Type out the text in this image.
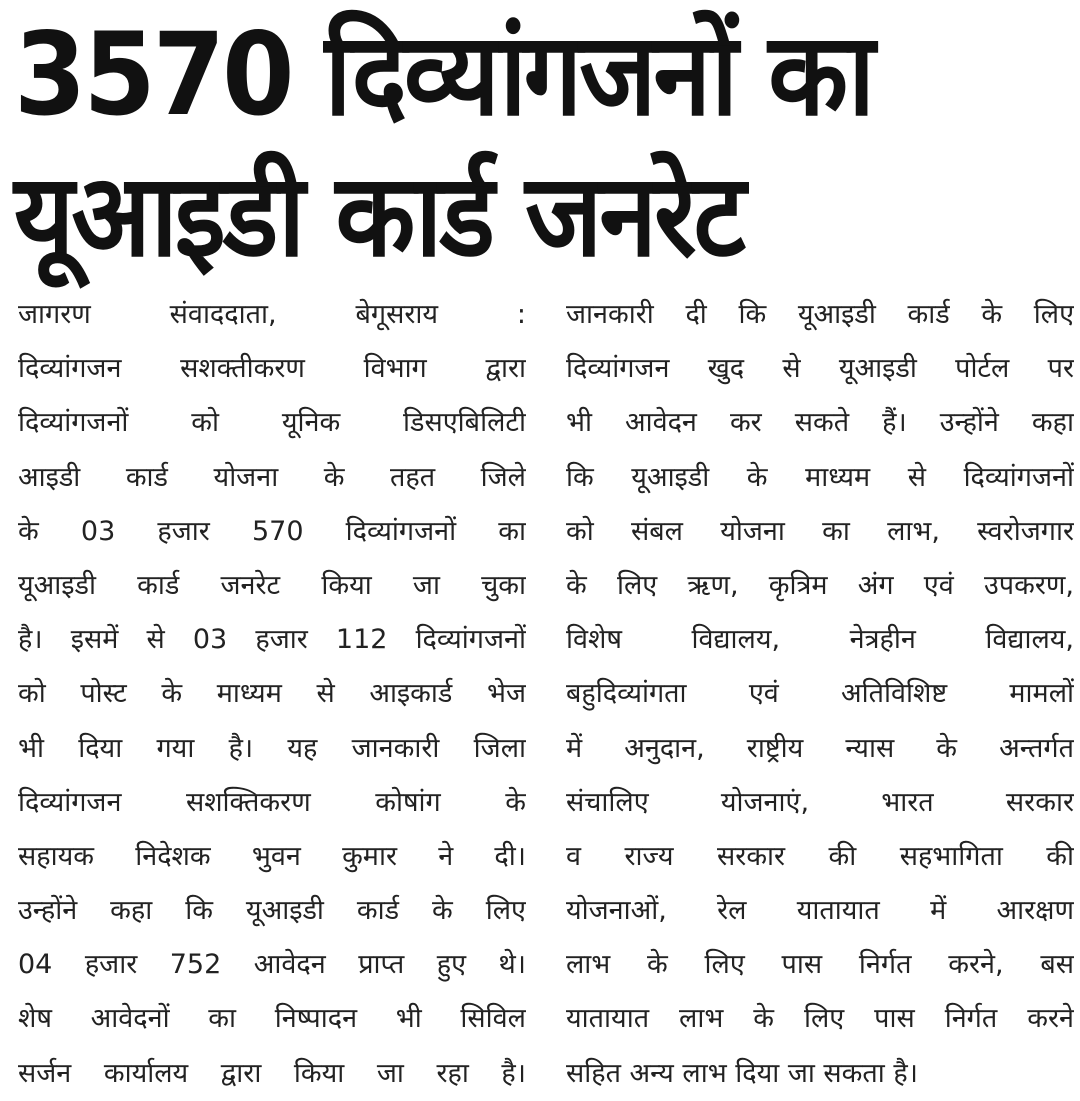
3570 दिव्यांगजनों का
यूआइडी कार्ड जनरेट
जागरण संवाददाता, बेगूसराय :
दिव्यांगजन सशक्तीकरण विभाग द्वारा
दिव्यांगजनों को यूनिक डिसएबिलिटी
आइडी कार्ड योजना के तहत जिले
के 03 हजार 570 दिव्यांगजनों का
यूआइडी कार्ड जनरेट किया जा चुका
है। इसमें से 03 हजार 112 दिव्यांगजनों
को पोस्ट के माध्यम से आइकार्ड भेज
भी दिया गया है। यह जानकारी जिला
दिव्यांगजन सशक्तिकरण कोषांग के
सहायक निदेशक भुवन कुमार ने दी।
उन्होंने कहा कि यूआइडी कार्ड के लिए
04 हजार 752 आवेदन प्राप्त हुए थे।
शेष आवेदनों का निष्पादन भी सिविल
सर्जन कार्यालय द्वारा किया जा रहा है।
जानकारी दी कि यूआइडी कार्ड के लिए
दिव्यांगजन खुद से यूआइडी पोर्टल पर
भी आवेदन कर सकते हैं। उन्होंने कहा
कि यूआइडी के माध्यम से दिव्यांगजनों
को संबल योजना का लाभ, स्वरोजगार
के लिए ऋण, कृत्रिम अंग एवं उपकरण,
विशेष विद्यालय, नेत्रहीन विद्यालय,
बहुदिव्यांगता एवं अतिविशिष्ट मामलों
में अनुदान, राष्ट्रीय न्यास के अन्तर्गत
संचालिए योजनाएं, भारत सरकार
व राज्य सरकार की सहभागिता की
योजनाओं, रेल यातायात में आरक्षण
लाभ के लिए पास निर्गत करने, बस
यातायात लाभ के लिए पास निर्गत करने
सहित अन्य लाभ दिया जा सकता है।
